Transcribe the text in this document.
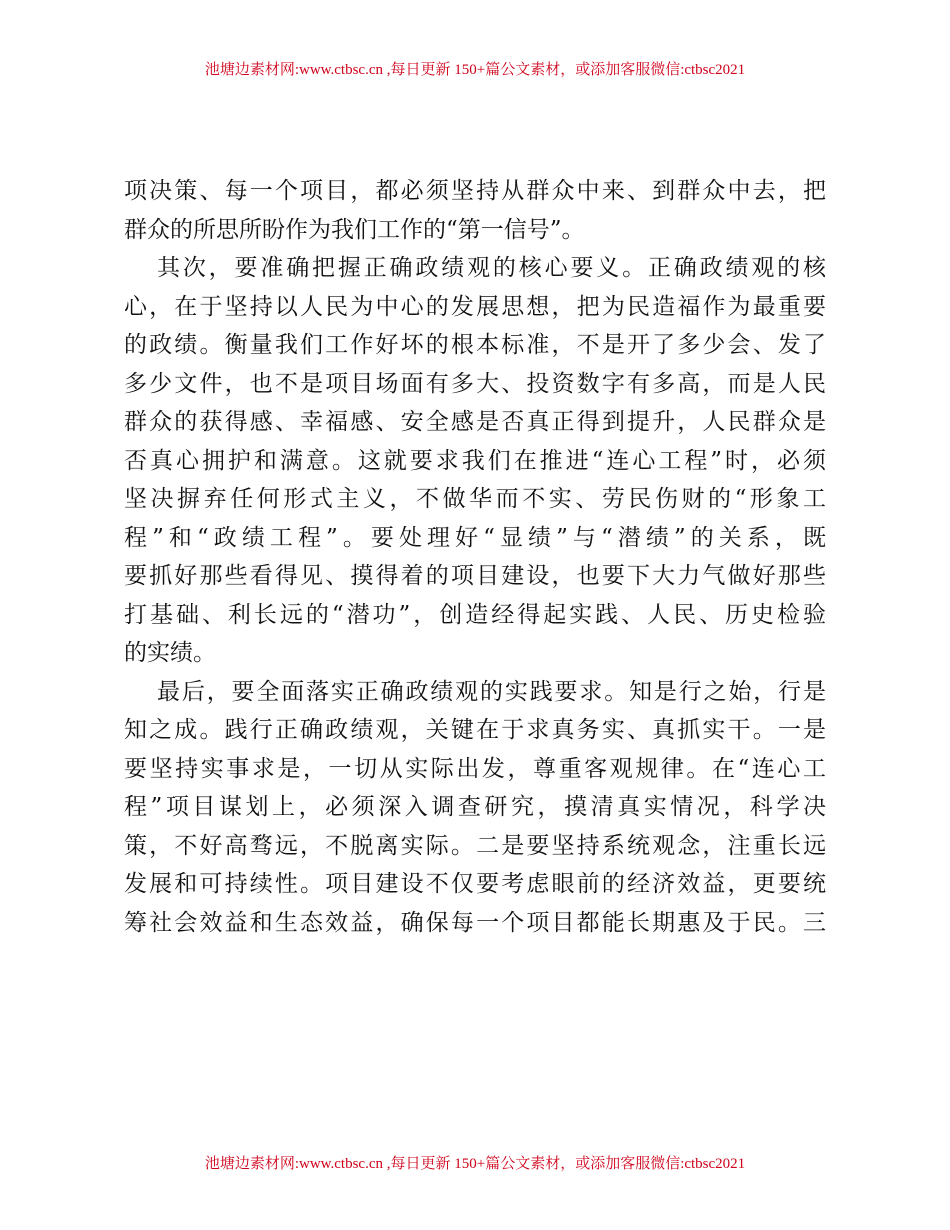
池塘边素材网:www.ctbsc.cn ,每日更新 150+篇公文素材，或添加客服微信:ctbsc2021
项决策、每一个项目，都必须坚持从群众中来、到群众中去，把
群众的所思所盼作为我们工作的“第一信号”。
其次，要准确把握正确政绩观的核心要义。正确政绩观的核
心，在于坚持以人民为中心的发展思想，把为民造福作为最重要
的政绩。衡量我们工作好坏的根本标准，不是开了多少会、发了
多少文件，也不是项目场面有多大、投资数字有多高，而是人民
群众的获得感、幸福感、安全感是否真正得到提升，人民群众是
否真心拥护和满意。这就要求我们在推进“连心工程”时，必须
坚决摒弃任何形式主义，不做华而不实、劳民伤财的“形象工
程”和“政绩工程”。要处理好“显绩”与“潜绩”的关系，既
要抓好那些看得见、摸得着的项目建设，也要下大力气做好那些
打基础、利长远的“潜功”，创造经得起实践、人民、历史检验
的实绩。
最后，要全面落实正确政绩观的实践要求。知是行之始，行是
知之成。践行正确政绩观，关键在于求真务实、真抓实干。一是
要坚持实事求是，一切从实际出发，尊重客观规律。在“连心工
程”项目谋划上，必须深入调查研究，摸清真实情况，科学决
策，不好高骛远，不脱离实际。二是要坚持系统观念，注重长远
发展和可持续性。项目建设不仅要考虑眼前的经济效益，更要统
筹社会效益和生态效益，确保每一个项目都能长期惠及于民。三
池塘边素材网:www.ctbsc.cn ,每日更新 150+篇公文素材，或添加客服微信:ctbsc2021
